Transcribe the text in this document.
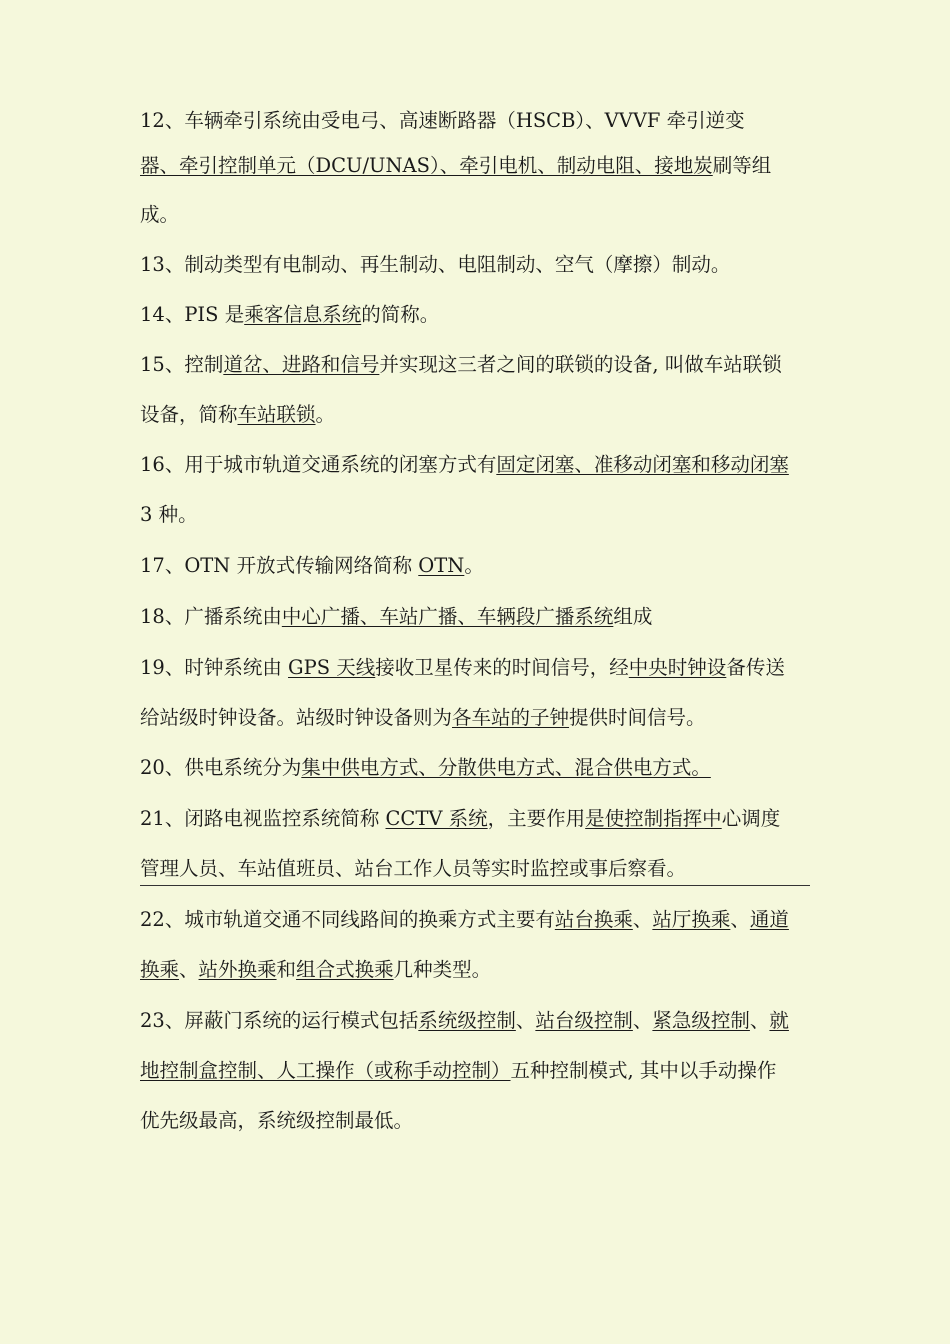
12、车辆牵引系统由受电弓、高速断路器（HSCB）、VVVF 牵引逆变
器、牵引控制单元（DCU/UNAS）、牵引电机、制动电阻、接地炭刷等组
成。
13、制动类型有电制动、再生制动、电阻制动、空气（摩擦）制动。
14、PIS 是乘客信息系统的简称。
15、控制道岔、进路和信号并实现这三者之间的联锁的设备, 叫做车站联锁
设备，简称车站联锁。
16、用于城市轨道交通系统的闭塞方式有固定闭塞、准移动闭塞和移动闭塞
3 种。
17、OTN 开放式传输网络简称 OTN。
18、广播系统由中心广播、车站广播、车辆段广播系统组成
19、时钟系统由 GPS 天线接收卫星传来的时间信号，经中央时钟设备传送
给站级时钟设备。站级时钟设备则为各车站的子钟提供时间信号。
20、供电系统分为集中供电方式、分散供电方式、混合供电方式。
21、闭路电视监控系统简称 CCTV 系统，主要作用是使控制指挥中心调度
管理人员、车站值班员、站台工作人员等实时监控或事后察看。
22、城市轨道交通不同线路间的换乘方式主要有站台换乘、站厅换乘、通道
换乘、站外换乘和组合式换乘几种类型。
23、屏蔽门系统的运行模式包括系统级控制、站台级控制、紧急级控制、就
地控制盒控制、人工操作（或称手动控制）五种控制模式, 其中以手动操作
优先级最高，系统级控制最低。
